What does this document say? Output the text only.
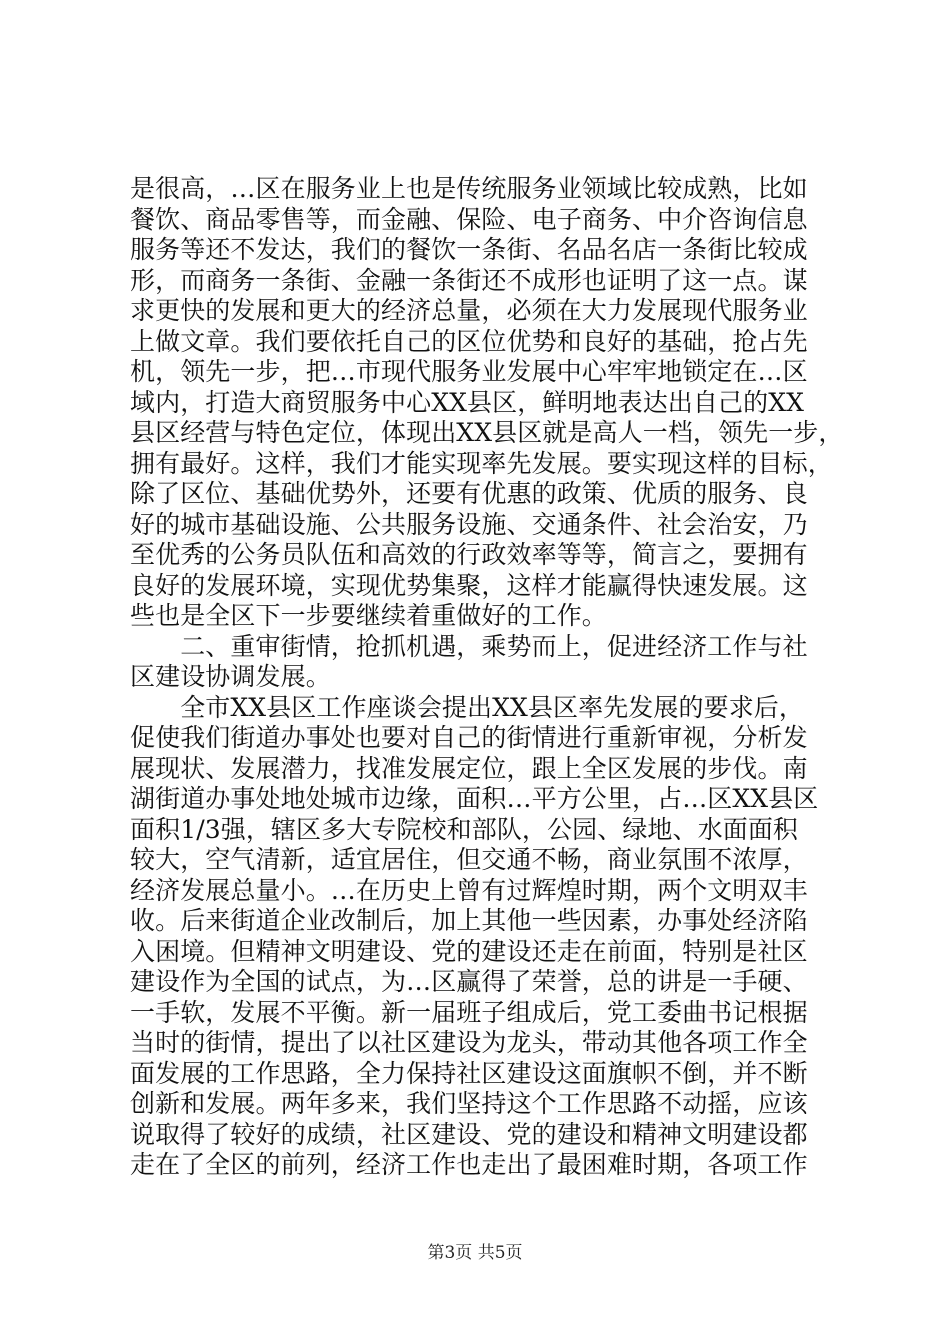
是很高，…区在服务业上也是传统服务业领域比较成熟，比如
餐饮、商品零售等，而金融、保险、电子商务、中介咨询信息
服务等还不发达，我们的餐饮一条街、名品名店一条街比较成
形，而商务一条街、金融一条街还不成形也证明了这一点。谋
求更快的发展和更大的经济总量，必须在大力发展现代服务业
上做文章。我们要依托自己的区位优势和良好的基础，抢占先
机，领先一步，把…市现代服务业发展中心牢牢地锁定在…区
域内，打造大商贸服务中心XX县区，鲜明地表达出自己的XX
县区经营与特色定位，体现出XX县区就是高人一档，领先一步，
拥有最好。这样，我们才能实现率先发展。要实现这样的目标，
除了区位、基础优势外，还要有优惠的政策、优质的服务、良
好的城市基础设施、公共服务设施、交通条件、社会治安，乃
至优秀的公务员队伍和高效的行政效率等等，简言之，要拥有
良好的发展环境，实现优势集聚，这样才能赢得快速发展。这
些也是全区下一步要继续着重做好的工作。
　　二、重审街情，抢抓机遇，乘势而上，促进经济工作与社
区建设协调发展。
　　全市XX县区工作座谈会提出XX县区率先发展的要求后，
促使我们街道办事处也要对自己的街情进行重新审视，分析发
展现状、发展潜力，找准发展定位，跟上全区发展的步伐。南
湖街道办事处地处城市边缘，面积…平方公里，占…区XX县区
面积1/3强，辖区多大专院校和部队，公园、绿地、水面面积
较大，空气清新，适宜居住，但交通不畅，商业氛围不浓厚，
经济发展总量小。…在历史上曾有过辉煌时期，两个文明双丰
收。后来街道企业改制后，加上其他一些因素，办事处经济陷
入困境。但精神文明建设、党的建设还走在前面，特别是社区
建设作为全国的试点，为…区赢得了荣誉，总的讲是一手硬、
一手软，发展不平衡。新一届班子组成后，党工委曲书记根据
当时的街情，提出了以社区建设为龙头，带动其他各项工作全
面发展的工作思路，全力保持社区建设这面旗帜不倒，并不断
创新和发展。两年多来，我们坚持这个工作思路不动摇，应该
说取得了较好的成绩，社区建设、党的建设和精神文明建设都
走在了全区的前列，经济工作也走出了最困难时期，各项工作
第3页 共5页
